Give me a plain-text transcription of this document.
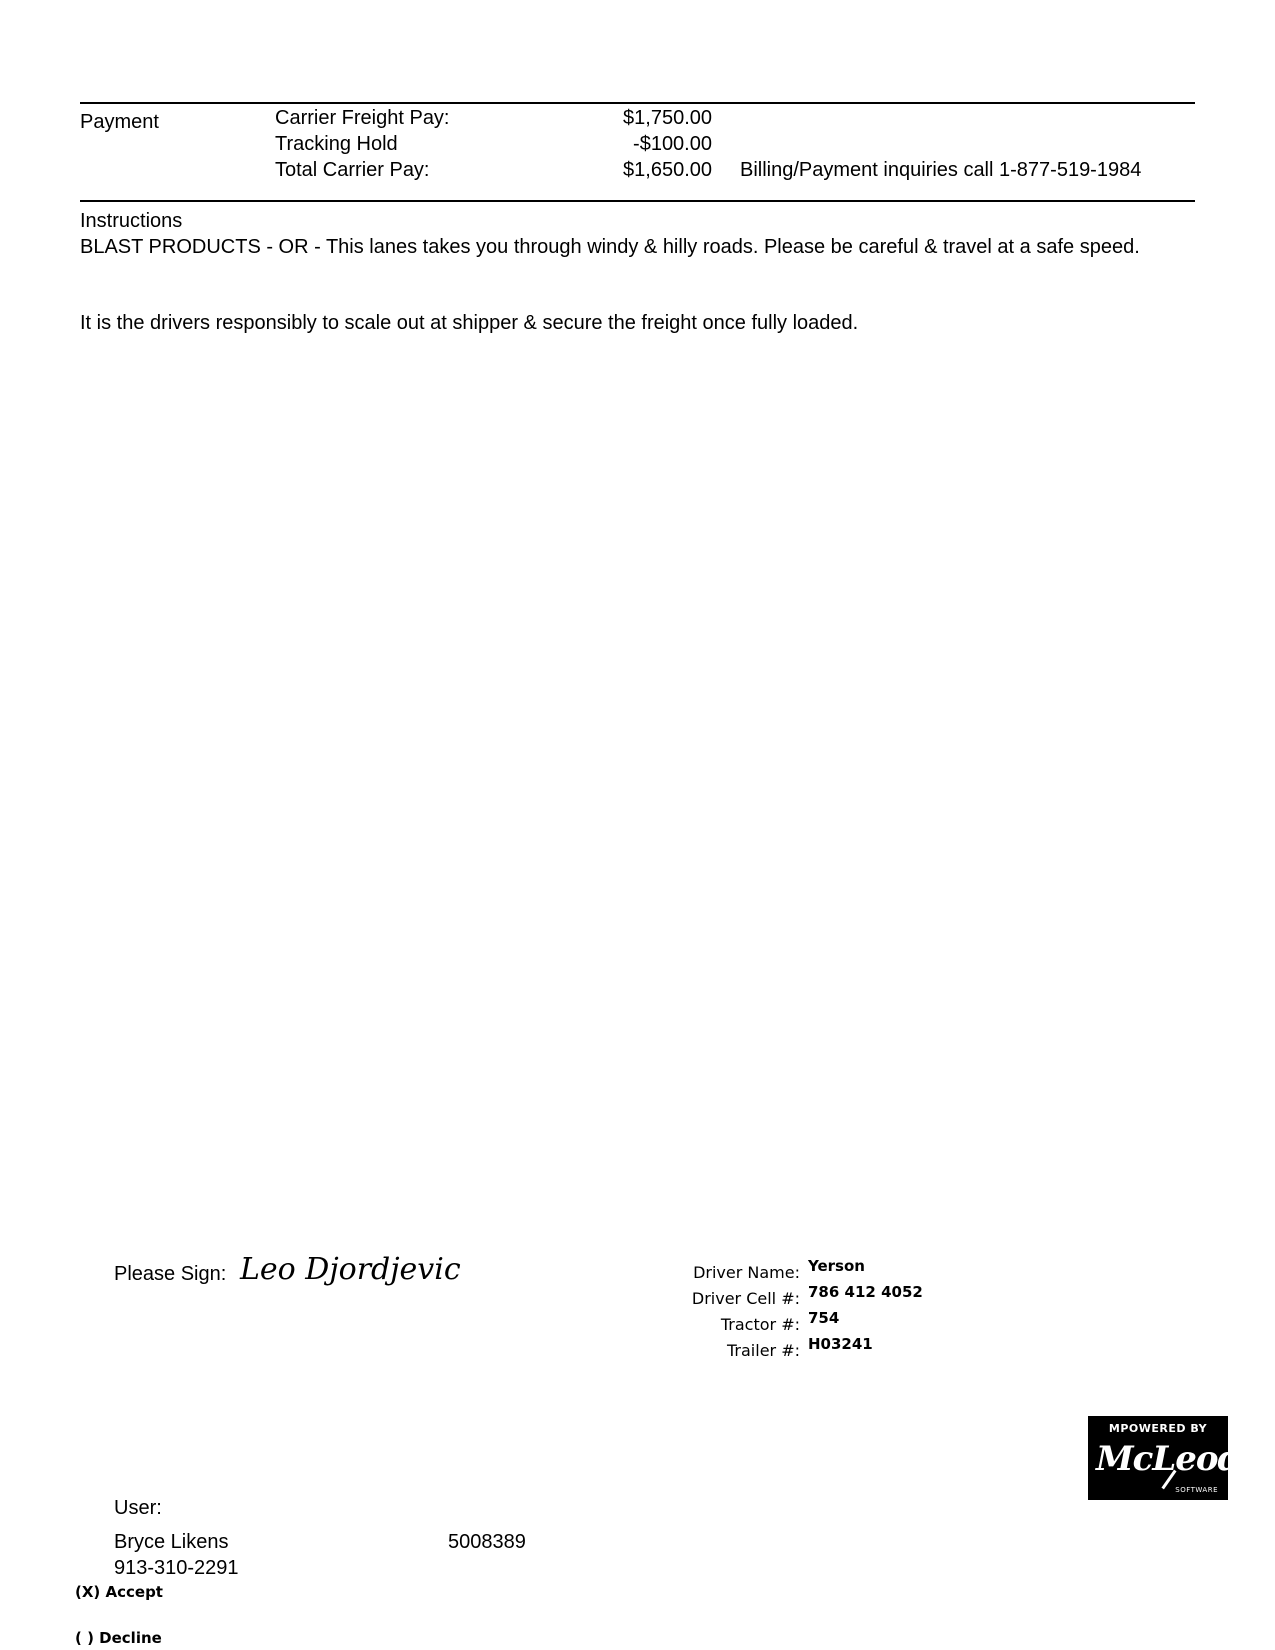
Payment	Carrier Freight Pay:	$1,750.00
Tracking Hold	-$100.00
Total Carrier Pay:	$1,650.00 Billing/Payment inquiries call 1-877-519-1984
Instructions
BLAST PRODUCTS - OR - This lanes takes you through windy & hilly roads. Please be careful & travel at a safe speed.
It is the drivers responsibly to scale out at shipper & secure the freight once fully loaded.
Please Sign: Leo Djordjevic	Driver Name: Yerson
Driver Cell #: 786 412 4052
Tractor #: 754
Trailer #: H03241
MPOWERED BY
McLeod
SOFTWARE
User:
Bryce Likens	5008389
913-310-2291
(X) Accept
( ) Decline
